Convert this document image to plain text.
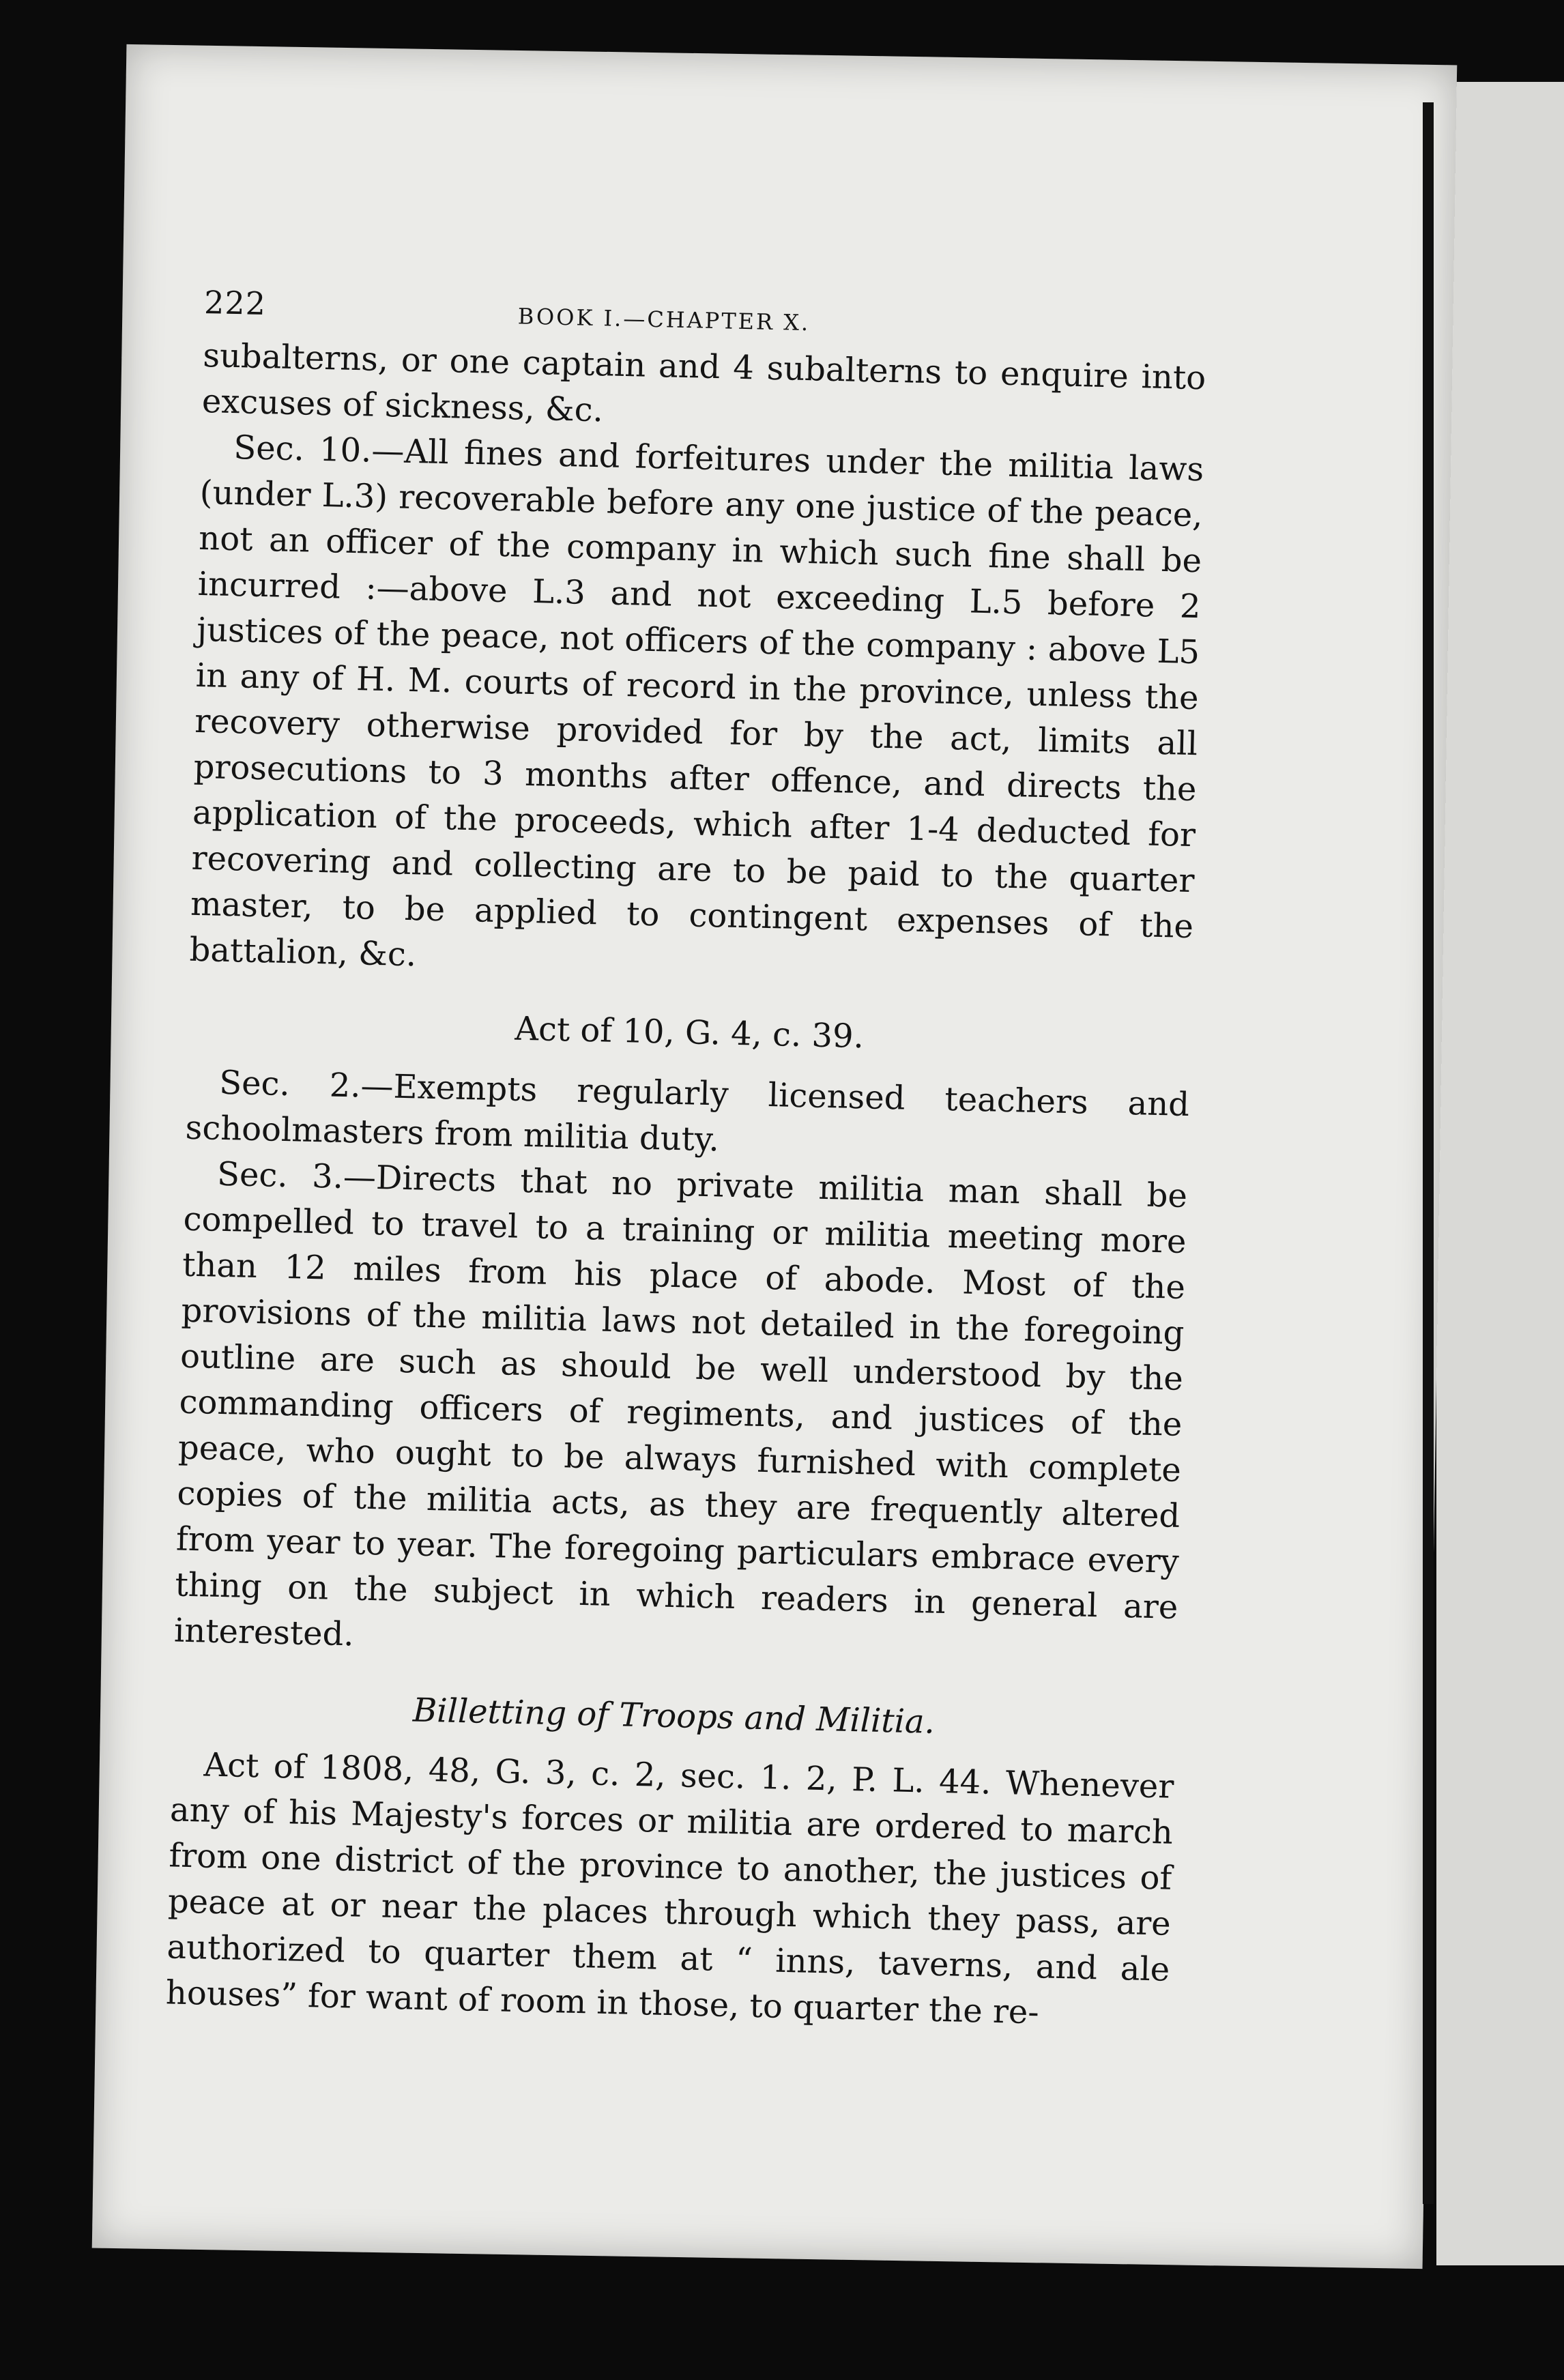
222	BOOK I.—CHAPTER X.

subalterns, or one captain and 4 subalterns to enquire into excuses of sickness, &c.

Sec. 10.—All fines and forfeitures under the militia laws (under L.3) recoverable before any one justice of the peace, not an officer of the company in which such fine shall be incurred :—above L.3 and not exceeding L.5 before 2 justices of the peace, not officers of the company : above L5 in any of H. M. courts of record in the province, unless the recovery otherwise provided for by the act, limits all prosecutions to 3 months after offence, and directs the application of the proceeds, which after 1-4 deducted for recovering and collecting are to be paid to the quarter master, to be applied to contingent expenses of the battalion, &c.

Act of 10, G. 4, c. 39.

Sec. 2.—Exempts regularly licensed teachers and schoolmasters from militia duty.

Sec. 3.—Directs that no private militia man shall be compelled to travel to a training or militia meeting more than 12 miles from his place of abode. Most of the provisions of the militia laws not detailed in the foregoing outline are such as should be well understood by the commanding officers of regiments, and justices of the peace, who ought to be always furnished with complete copies of the militia acts, as they are frequently altered from year to year. The foregoing particulars embrace every thing on the subject in which readers in general are interested.

Billetting of Troops and Militia.

Act of 1808, 48, G. 3, c. 2, sec. 1. 2, P. L. 44. Whenever any of his Majesty's forces or militia are ordered to march from one district of the province to another, the justices of peace at or near the places through which they pass, are authorized to quarter them at “ inns, taverns, and ale houses” for want of room in those, to quarter the re-
